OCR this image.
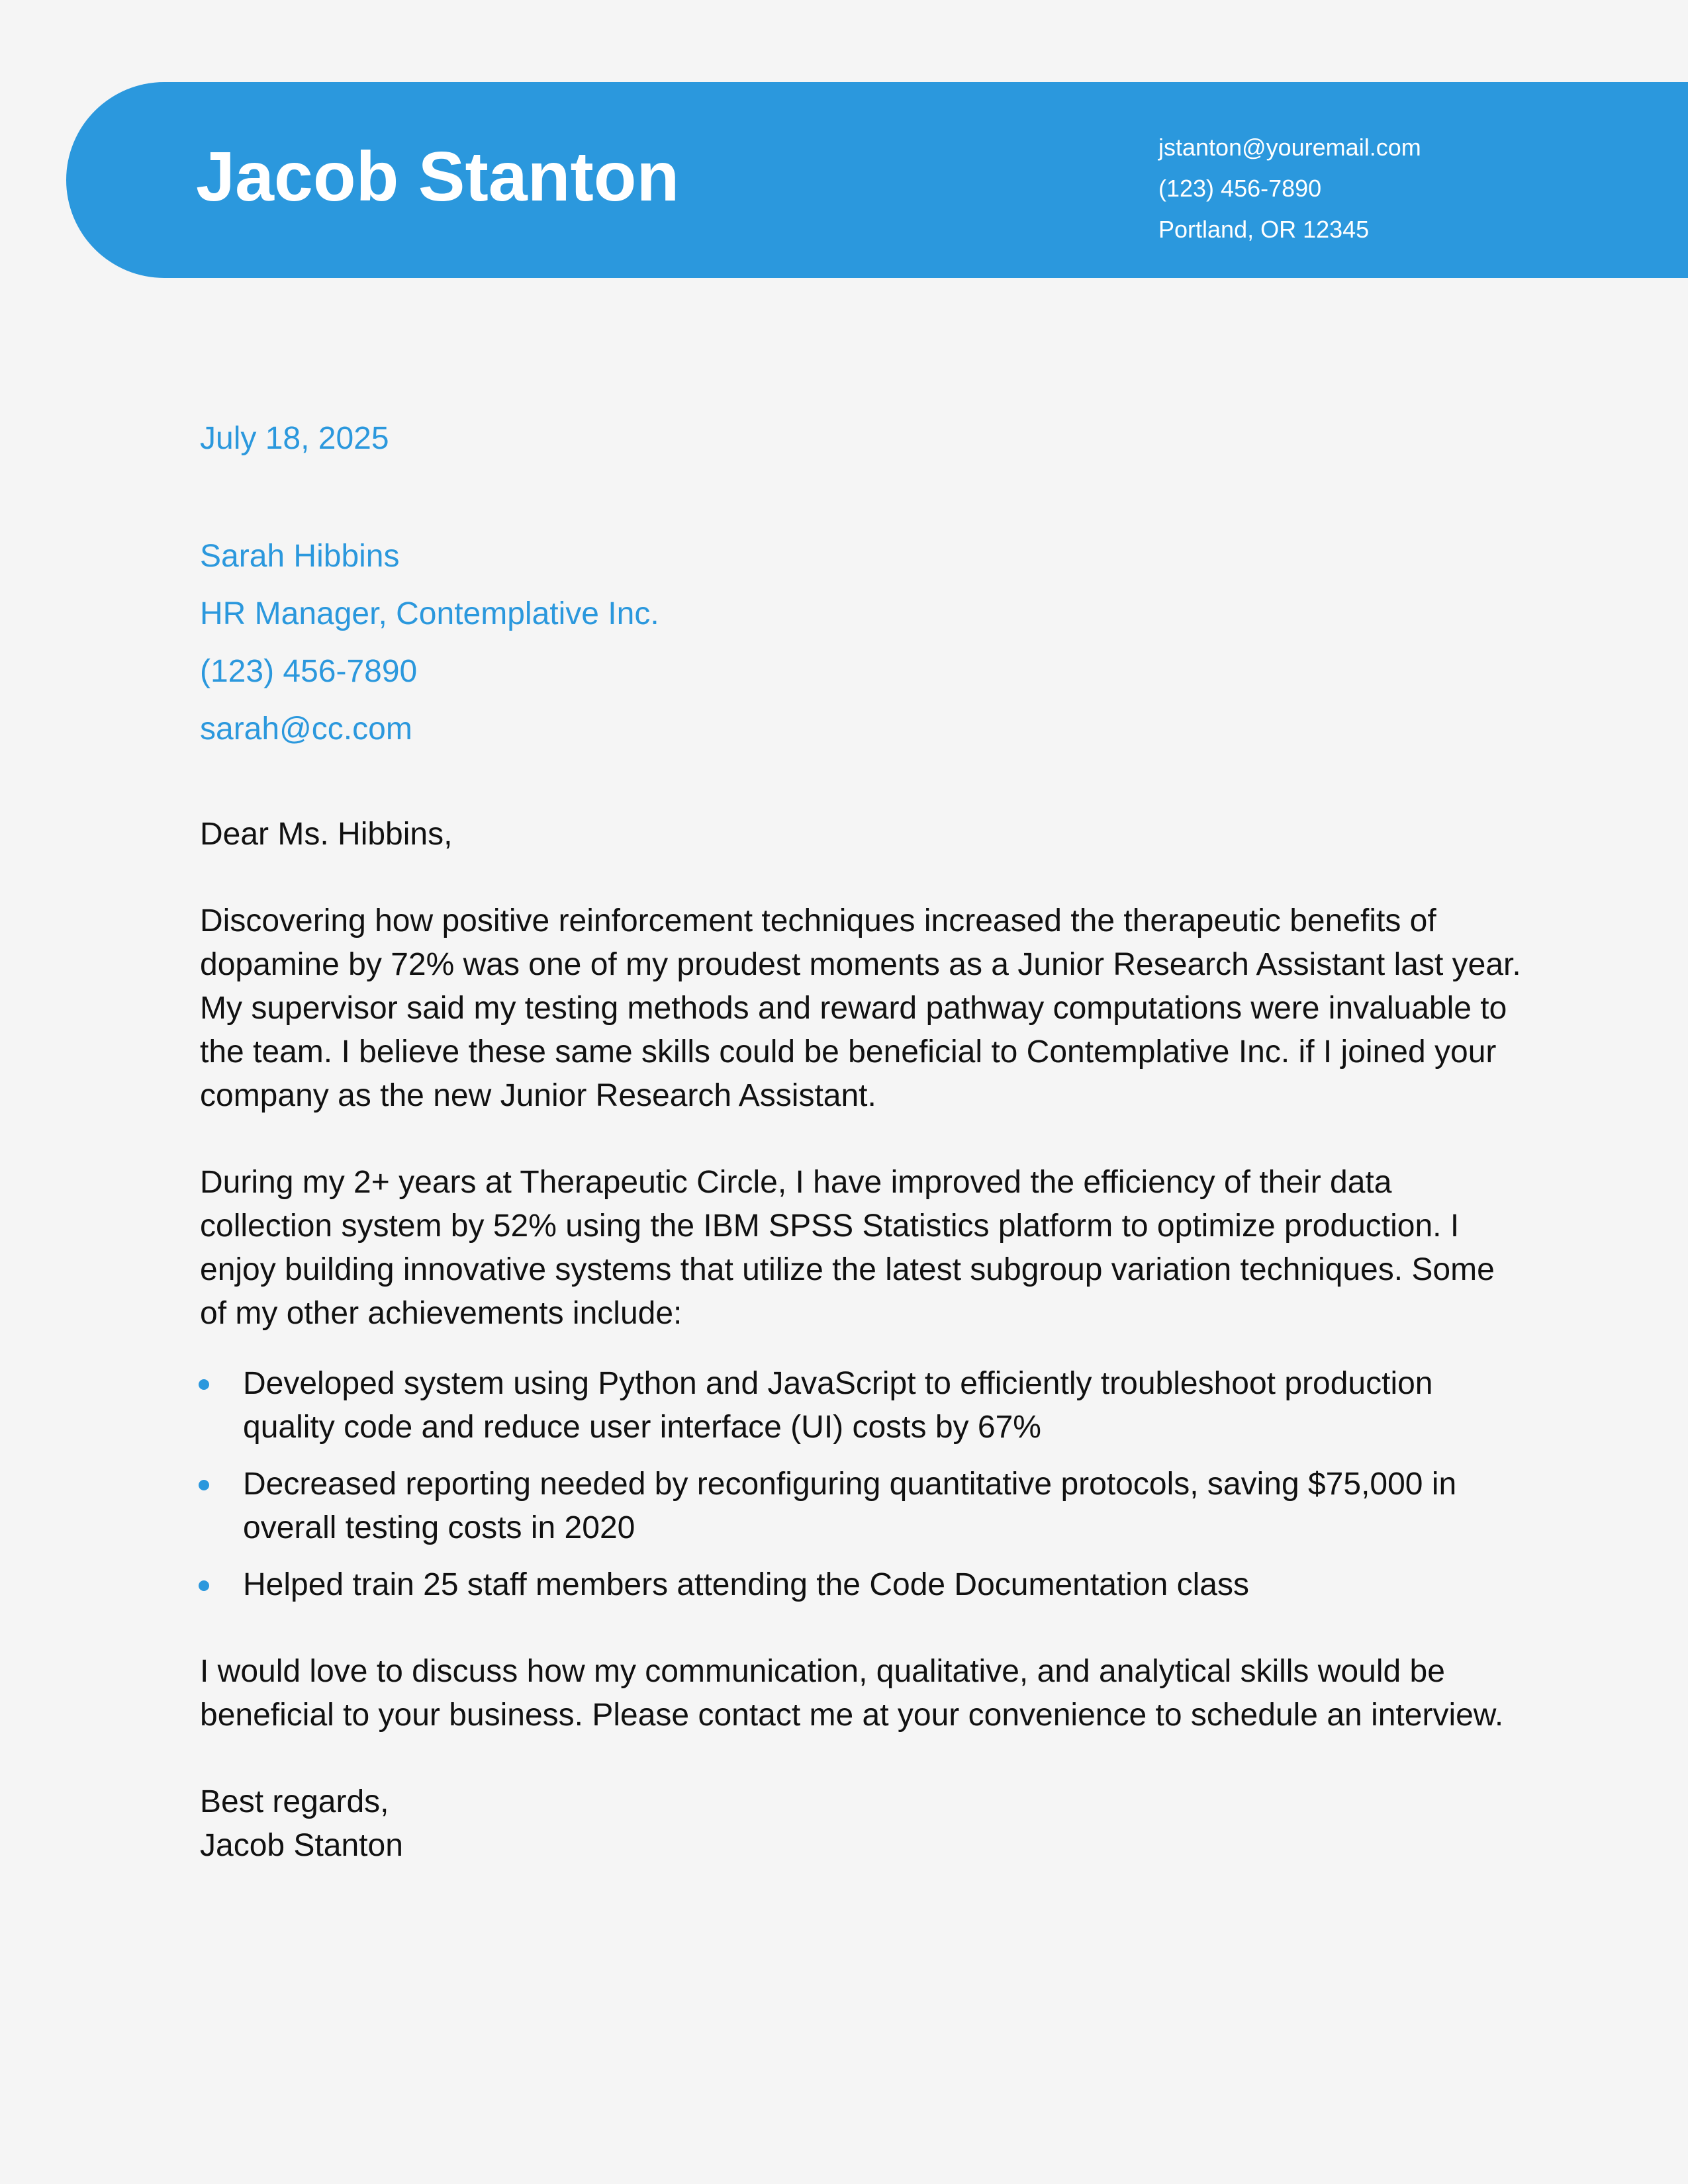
Jacob Stanton	jstanton@youremail.com
(123) 456-7890
Portland, OR 12345
July 18, 2025
Sarah Hibbins
HR Manager, Contemplative Inc.
(123) 456-7890
sarah@cc.com

Dear Ms. Hibbins,

Discovering how positive reinforcement techniques increased the therapeutic benefits of dopamine by 72% was one of my proudest moments as a Junior Research Assistant last year. My supervisor said my testing methods and reward pathway computations were invaluable to the team. I believe these same skills could be beneficial to Contemplative Inc. if I joined your company as the new Junior Research Assistant.

During my 2+ years at Therapeutic Circle, I have improved the efficiency of their data collection system by 52% using the IBM SPSS Statistics platform to optimize production. I enjoy building innovative systems that utilize the latest subgroup variation techniques. Some of my other achievements include:

Developed system using Python and JavaScript to efficiently troubleshoot production quality code and reduce user interface (UI) costs by 67%
Decreased reporting needed by reconfiguring quantitative protocols, saving $75,000 in overall testing costs in 2020
Helped train 25 staff members attending the Code Documentation class

I would love to discuss how my communication, qualitative, and analytical skills would be beneficial to your business. Please contact me at your convenience to schedule an interview.

Best regards,
Jacob Stanton
